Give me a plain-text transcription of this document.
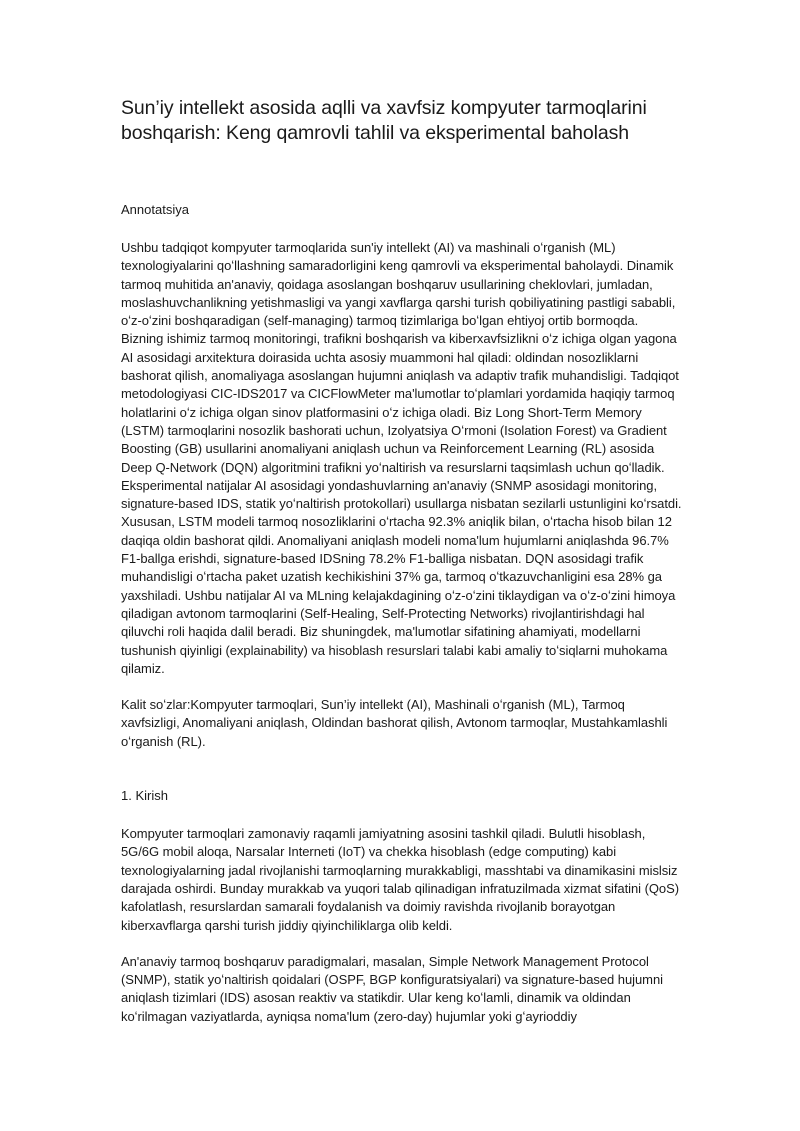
Sun’iy intellekt asosida aqlli va xavfsiz kompyuter tarmoqlarini boshqarish: Keng qamrovli tahlil va eksperimental baholash

Annotatsiya

Ushbu tadqiqot kompyuter tarmoqlarida sun'iy intellekt (AI) va mashinali oʻrganish (ML) texnologiyalarini qoʻllashning samaradorligini keng qamrovli va eksperimental baholaydi. Dinamik tarmoq muhitida an'anaviy, qoidaga asoslangan boshqaruv usullarining cheklovlari, jumladan, moslashuvchanlikning yetishmasligi va yangi xavflarga qarshi turish qobiliyatining pastligi sababli, oʻz-oʻzini boshqaradigan (self-managing) tarmoq tizimlariga boʻlgan ehtiyoj ortib bormoqda. Bizning ishimiz tarmoq monitoringi, trafikni boshqarish va kiberxavfsizlikni oʻz ichiga olgan yagona AI asosidagi arxitektura doirasida uchta asosiy muammoni hal qiladi: oldindan nosozliklarni bashorat qilish, anomaliyaga asoslangan hujumni aniqlash va adaptiv trafik muhandisligi. Tadqiqot metodologiyasi CIC-IDS2017 va CICFlowMeter ma'lumotlar toʻplamlari yordamida haqiqiy tarmoq holatlarini oʻz ichiga olgan sinov platformasini oʻz ichiga oladi. Biz Long Short-Term Memory (LSTM) tarmoqlarini nosozlik bashorati uchun, Izolyatsiya Oʻrmoni (Isolation Forest) va Gradient Boosting (GB) usullarini anomaliyani aniqlash uchun va Reinforcement Learning (RL) asosida Deep Q-Network (DQN) algoritmini trafikni yoʻnaltirish va resurslarni taqsimlash uchun qoʻlladik. Eksperimental natijalar AI asosidagi yondashuvlarning an'anaviy (SNMP asosidagi monitoring, signature-based IDS, statik yoʻnaltirish protokollari) usullarga nisbatan sezilarli ustunligini koʻrsatdi. Xususan, LSTM modeli tarmoq nosozliklarini oʻrtacha 92.3% aniqlik bilan, oʻrtacha hisob bilan 12 daqiqa oldin bashorat qildi. Anomaliyani aniqlash modeli noma'lum hujumlarni aniqlashda 96.7% F1-ballga erishdi, signature-based IDSning 78.2% F1-balliga nisbatan. DQN asosidagi trafik muhandisligi oʻrtacha paket uzatish kechikishini 37% ga, tarmoq oʻtkazuvchanligini esa 28% ga yaxshiladi. Ushbu natijalar AI va MLning kelajakdagining oʻz-oʻzini tiklaydigan va oʻz-oʻzini himoya qiladigan avtonom tarmoqlarini (Self-Healing, Self-Protecting Networks) rivojlantirishdagi hal qiluvchi roli haqida dalil beradi. Biz shuningdek, ma'lumotlar sifatining ahamiyati, modellarni tushunish qiyinligi (explainability) va hisoblash resurslari talabi kabi amaliy toʻsiqlarni muhokama qilamiz.

Kalit soʻzlar:Kompyuter tarmoqlari, Sun’iy intellekt (AI), Mashinali oʻrganish (ML), Tarmoq xavfsizligi, Anomaliyani aniqlash, Oldindan bashorat qilish, Avtonom tarmoqlar, Mustahkamlashli oʻrganish (RL).

1. Kirish

Kompyuter tarmoqlari zamonaviy raqamli jamiyatning asosini tashkil qiladi. Bulutli hisoblash, 5G/6G mobil aloqa, Narsalar Interneti (IoT) va chekka hisoblash (edge computing) kabi texnologiyalarning jadal rivojlanishi tarmoqlarning murakkabligi, masshtabi va dinamikasini mislsiz darajada oshirdi. Bunday murakkab va yuqori talab qilinadigan infratuzilmada xizmat sifatini (QoS) kafolatlash, resurslardan samarali foydalanish va doimiy ravishda rivojlanib borayotgan kiberxavflarga qarshi turish jiddiy qiyinchiliklarga olib keldi.

An'anaviy tarmoq boshqaruv paradigmalari, masalan, Simple Network Management Protocol (SNMP), statik yoʻnaltirish qoidalari (OSPF, BGP konfiguratsiyalari) va signature-based hujumni aniqlash tizimlari (IDS) asosan reaktiv va statikdir. Ular keng koʻlamli, dinamik va oldindan koʻrilmagan vaziyatlarda, ayniqsa noma'lum (zero-day) hujumlar yoki gʻayrioddiy
